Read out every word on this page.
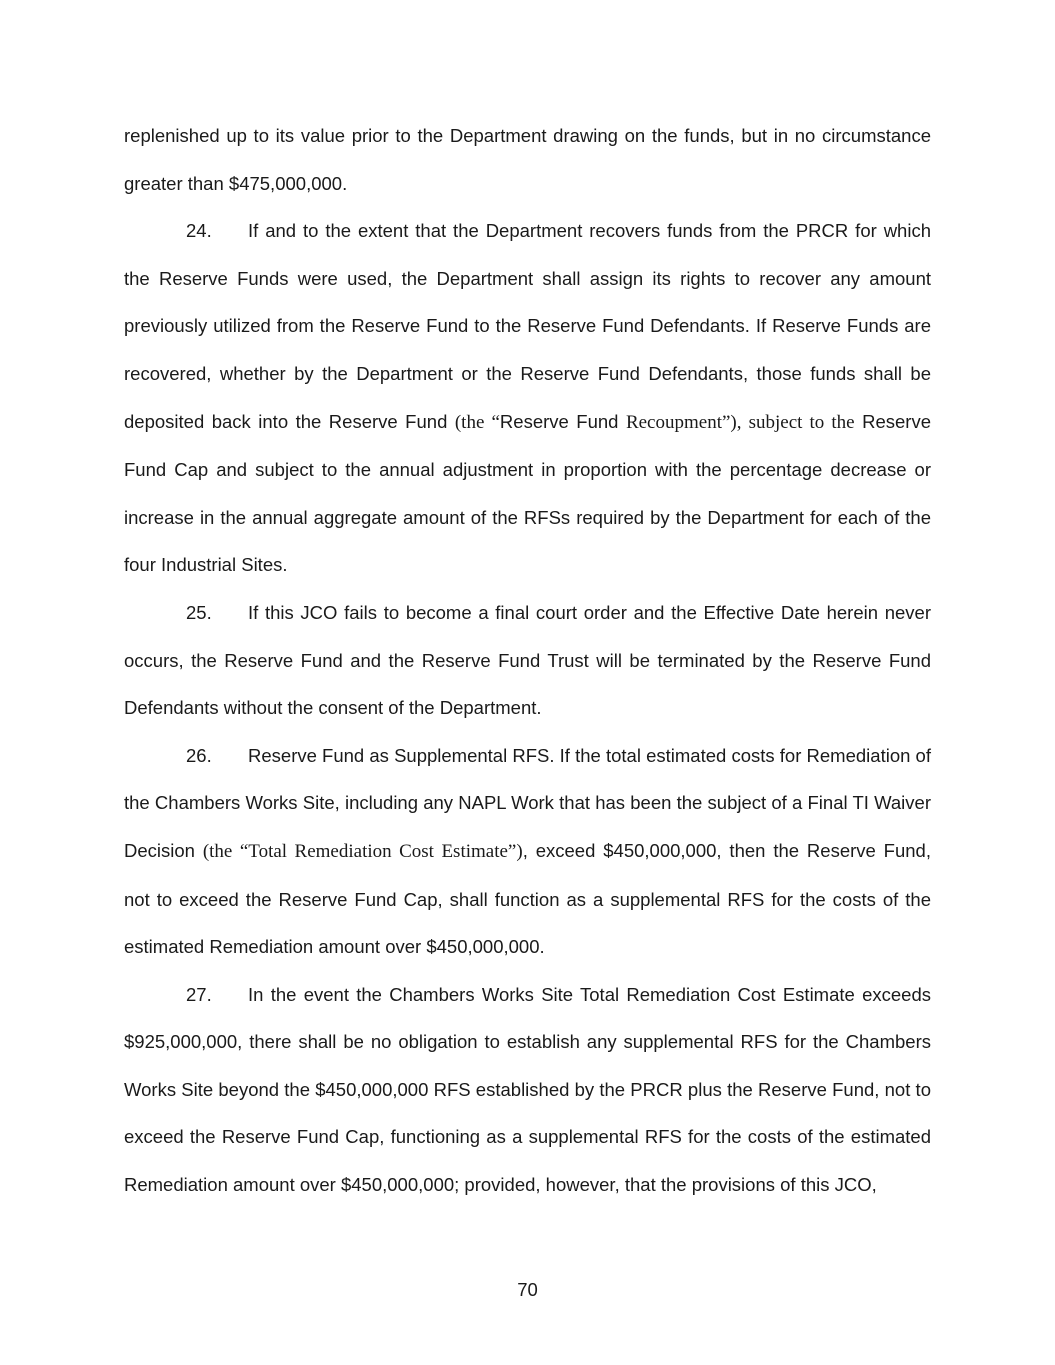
replenished up to its value prior to the Department drawing on the funds, but in no circumstance greater than $475,000,000.

24. If and to the extent that the Department recovers funds from the PRCR for which the Reserve Funds were used, the Department shall assign its rights to recover any amount previously utilized from the Reserve Fund to the Reserve Fund Defendants. If Reserve Funds are recovered, whether by the Department or the Reserve Fund Defendants, those funds shall be deposited back into the Reserve Fund (the “Reserve Fund Recoupment”), subject to the Reserve Fund Cap and subject to the annual adjustment in proportion with the percentage decrease or increase in the annual aggregate amount of the RFSs required by the Department for each of the four Industrial Sites.

25. If this JCO fails to become a final court order and the Effective Date herein never occurs, the Reserve Fund and the Reserve Fund Trust will be terminated by the Reserve Fund Defendants without the consent of the Department.

26. Reserve Fund as Supplemental RFS. If the total estimated costs for Remediation of the Chambers Works Site, including any NAPL Work that has been the subject of a Final TI Waiver Decision (the “Total Remediation Cost Estimate”), exceed $450,000,000, then the Reserve Fund, not to exceed the Reserve Fund Cap, shall function as a supplemental RFS for the costs of the estimated Remediation amount over $450,000,000.

27. In the event the Chambers Works Site Total Remediation Cost Estimate exceeds $925,000,000, there shall be no obligation to establish any supplemental RFS for the Chambers Works Site beyond the $450,000,000 RFS established by the PRCR plus the Reserve Fund, not to exceed the Reserve Fund Cap, functioning as a supplemental RFS for the costs of the estimated Remediation amount over $450,000,000; provided, however, that the provisions of this JCO,

70
